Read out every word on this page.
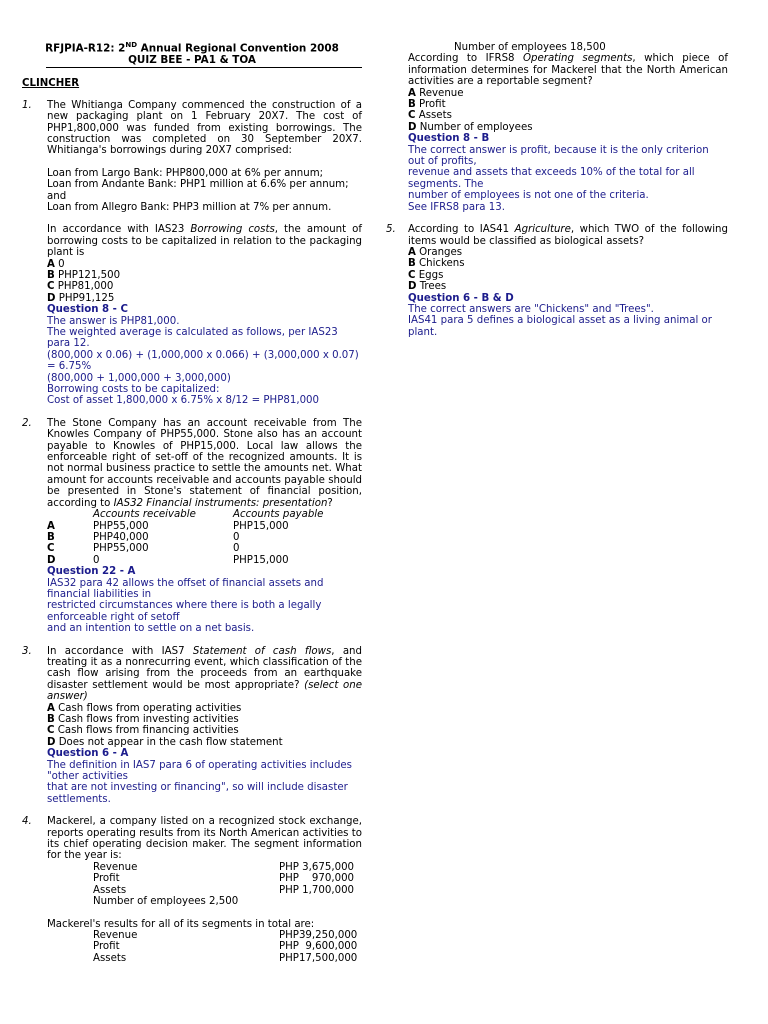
RFJPIA-R12: 2ND Annual Regional Convention 2008
QUIZ BEE - PA1 & TOA
CLINCHER
1. The Whitianga Company commenced the construction of a new packaging plant on 1 February 20X7. The cost of PHP1,800,000 was funded from existing borrowings. The construction was completed on 30 September 20X7. Whitianga's borrowings during 20X7 comprised:
Loan from Largo Bank: PHP800,000 at 6% per annum;
Loan from Andante Bank: PHP1 million at 6.6% per annum; and
Loan from Allegro Bank: PHP3 million at 7% per annum.
In accordance with IAS23 Borrowing costs, the amount of borrowing costs to be capitalized in relation to the packaging plant is
A 0
B PHP121,500
C PHP81,000
D PHP91,125
Question 8 - C
The answer is PHP81,000.
The weighted average is calculated as follows, per IAS23 para 12.
(800,000 x 0.06) + (1,000,000 x 0.066) + (3,000,000 x 0.07) = 6.75%
(800,000 + 1,000,000 + 3,000,000)
Borrowing costs to be capitalized:
Cost of asset 1,800,000 x 6.75% x 8/12 = PHP81,000
2. The Stone Company has an account receivable from The Knowles Company of PHP55,000. Stone also has an account payable to Knowles of PHP15,000. Local law allows the enforceable right of set-off of the recognized amounts. It is not normal business practice to settle the amounts net. What amount for accounts receivable and accounts payable should be presented in Stone's statement of financial position, according to IAS32 Financial instruments: presentation?
Accounts receivable	Accounts payable
A	PHP55,000	PHP15,000
B	PHP40,000	0
C	PHP55,000	0
D	0	PHP15,000
Question 22 - A
IAS32 para 42 allows the offset of financial assets and financial liabilities in
restricted circumstances where there is both a legally enforceable right of setoff
and an intention to settle on a net basis.
3. In accordance with IAS7 Statement of cash flows, and treating it as a nonrecurring event, which classification of the cash flow arising from the proceeds from an earthquake disaster settlement would be most appropriate? (select one answer)
A Cash flows from operating activities
B Cash flows from investing activities
C Cash flows from financing activities
D Does not appear in the cash flow statement
Question 6 - A
The definition in IAS7 para 6 of operating activities includes "other activities
that are not investing or financing", so will include disaster settlements.
4. Mackerel, a company listed on a recognized stock exchange, reports operating results from its North American activities to its chief operating decision maker. The segment information for the year is:
Revenue	PHP 3,675,000
Profit	PHP    970,000
Assets	PHP 1,700,000
Number of employees 2,500
Mackerel's results for all of its segments in total are:
Revenue	PHP39,250,000
Profit	PHP  9,600,000
Assets	PHP17,500,000
Number of employees 18,500
According to IFRS8 Operating segments, which piece of information determines for Mackerel that the North American activities are a reportable segment?
A Revenue
B Profit
C Assets
D Number of employees
Question 8 - B
The correct answer is profit, because it is the only criterion out of profits,
revenue and assets that exceeds 10% of the total for all segments. The
number of employees is not one of the criteria.
See IFRS8 para 13.
5. According to IAS41 Agriculture, which TWO of the following items would be classified as biological assets?
A Oranges
B Chickens
C Eggs
D Trees
Question 6 - B & D
The correct answers are "Chickens" and "Trees".
IAS41 para 5 defines a biological asset as a living animal or plant.
